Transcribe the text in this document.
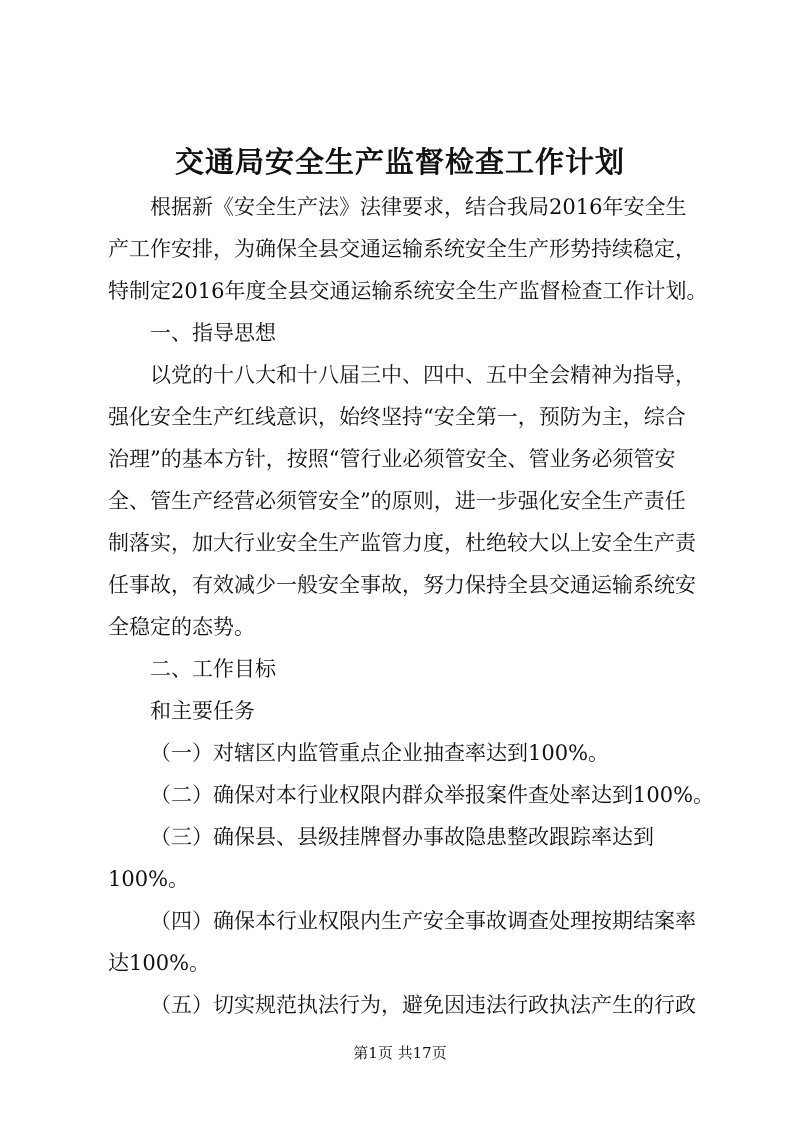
交通局安全生产监督检查工作计划

根据新《安全生产法》法律要求，结合我局2016年安全生

产工作安排，为确保全县交通运输系统安全生产形势持续稳定，

特制定2016年度全县交通运输系统安全生产监督检查工作计划。

一、指导思想

以党的十八大和十八届三中、四中、五中全会精神为指导，

强化安全生产红线意识，始终坚持“安全第一，预防为主，综合

治理”的基本方针，按照“管行业必须管安全、管业务必须管安

全、管生产经营必须管安全”的原则，进一步强化安全生产责任

制落实，加大行业安全生产监管力度，杜绝较大以上安全生产责

任事故，有效减少一般安全事故，努力保持全县交通运输系统安

全稳定的态势。

二、工作目标

和主要任务

（一）对辖区内监管重点企业抽查率达到100%。

（二）确保对本行业权限内群众举报案件查处率达到100%。

（三）确保县、县级挂牌督办事故隐患整改跟踪率达到

100%。

（四）确保本行业权限内生产安全事故调查处理按期结案率

达100%。

（五）切实规范执法行为，避免因违法行政执法产生的行政

第1页 共17页
